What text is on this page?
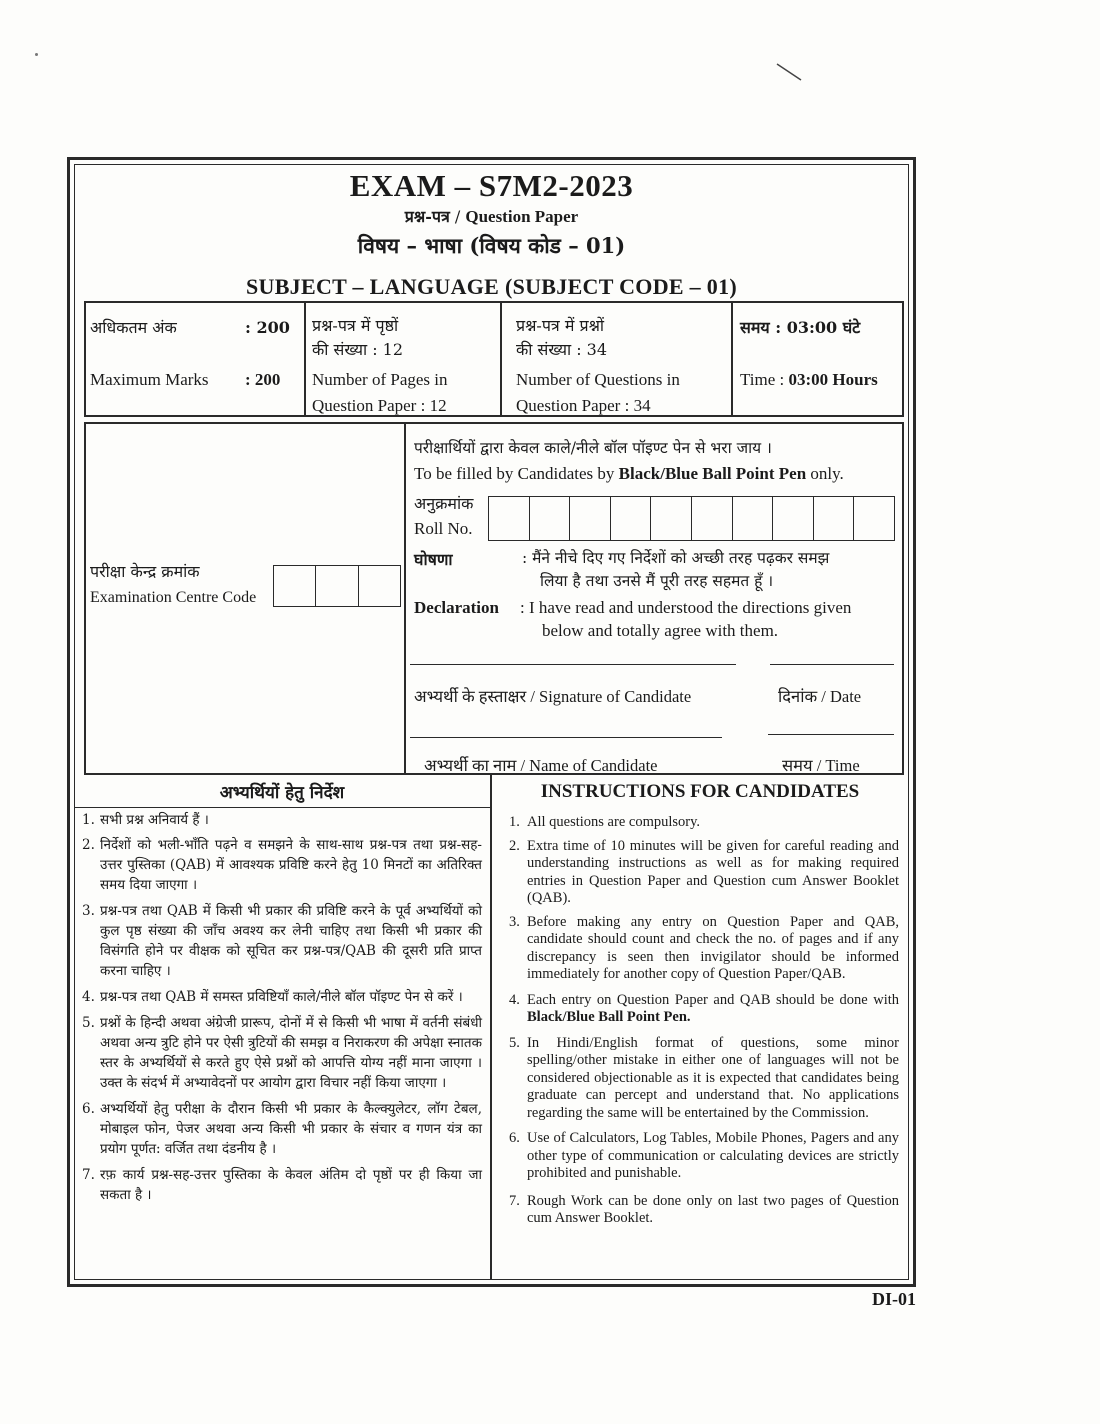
EXAM – S7M2-2023
प्रश्न-पत्र / Question Paper
विषय – भाषा (विषय कोड – 01)
SUBJECT – LANGUAGE (SUBJECT CODE – 01)
अधिकतम अंक	: 200
Maximum Marks : 200
प्रश्न-पत्र में पृष्ठों
की संख्या : 12
Number of Pages in
Question Paper : 12
प्रश्न-पत्र में प्रश्नों
की संख्या : 34
Number of Questions in
Question Paper : 34
समय : 03:00 घंटे
Time : 03:00 Hours
परीक्षा केन्द्र क्रमांक
Examination Centre Code
परीक्षार्थियों द्वारा केवल काले/नीले बॉल पॉइण्ट पेन से भरा जाय ।
To be filled by Candidates by Black/Blue Ball Point Pen only.
अनुक्रमांक
Roll No.
घोषणा	: मैंने नीचे दिए गए निर्देशों को अच्छी तरह पढ़कर समझ
लिया है तथा उनसे मैं पूरी तरह सहमत हूँ ।
Declaration : I have read and understood the directions given
below and totally agree with them.
अभ्यर्थी के हस्ताक्षर / Signature of Candidate	दिनांक / Date
अभ्यर्थी का नाम / Name of Candidate	समय / Time
अभ्यर्थियों हेतु निर्देश	INSTRUCTIONS FOR CANDIDATES
1. सभी प्रश्न अनिवार्य हैं ।
2. निर्देशों को भली-भाँति पढ़ने व समझने के साथ-साथ प्रश्न-पत्र तथा प्रश्न-सह-उत्तर पुस्तिका (QAB) में आवश्यक प्रविष्टि करने हेतु 10 मिनटों का अतिरिक्त समय दिया जाएगा ।
3. प्रश्न-पत्र तथा QAB में किसी भी प्रकार की प्रविष्टि करने के पूर्व अभ्यर्थियों को कुल पृष्ठ संख्या की जाँच अवश्य कर लेनी चाहिए तथा किसी भी प्रकार की विसंगति होने पर वीक्षक को सूचित कर प्रश्न-पत्र/QAB की दूसरी प्रति प्राप्त करना चाहिए ।
4. प्रश्न-पत्र तथा QAB में समस्त प्रविष्टियाँ काले/नीले बॉल पॉइण्ट पेन से करें ।
5. प्रश्नों के हिन्दी अथवा अंग्रेजी प्रारूप, दोनों में से किसी भी भाषा में वर्तनी संबंधी अथवा अन्य त्रुटि होने पर ऐसी त्रुटियों की समझ व निराकरण की अपेक्षा स्नातक स्तर के अभ्यर्थियों से करते हुए ऐसे प्रश्नों को आपत्ति योग्य नहीं माना जाएगा । उक्त के संदर्भ में अभ्यावेदनों पर आयोग द्वारा विचार नहीं किया जाएगा ।
6. अभ्यर्थियों हेतु परीक्षा के दौरान किसी भी प्रकार के कैल्क्युलेटर, लॉग टेबल, मोबाइल फोन, पेजर अथवा अन्य किसी भी प्रकार के संचार व गणन यंत्र का प्रयोग पूर्णत: वर्जित तथा दंडनीय है ।
7. रफ़ कार्य प्रश्न-सह-उत्तर पुस्तिका के केवल अंतिम दो पृष्ठों पर ही किया जा सकता है ।
1. All questions are compulsory.
2. Extra time of 10 minutes will be given for careful reading and understanding instructions as well as for making required entries in Question Paper and Question cum Answer Booklet (QAB).
3. Before making any entry on Question Paper and QAB, candidate should count and check the no. of pages and if any discrepancy is seen then invigilator should be informed immediately for another copy of Question Paper/QAB.
4. Each entry on Question Paper and QAB should be done with Black/Blue Ball Point Pen.
5. In Hindi/English format of questions, some minor spelling/other mistake in either one of languages will not be considered objectionable as it is expected that candidates being graduate can percept and understand that. No applications regarding the same will be entertained by the Commission.
6. Use of Calculators, Log Tables, Mobile Phones, Pagers and any other type of communication or calculating devices are strictly prohibited and punishable.
7. Rough Work can be done only on last two pages of Question cum Answer Booklet.
DI-01
